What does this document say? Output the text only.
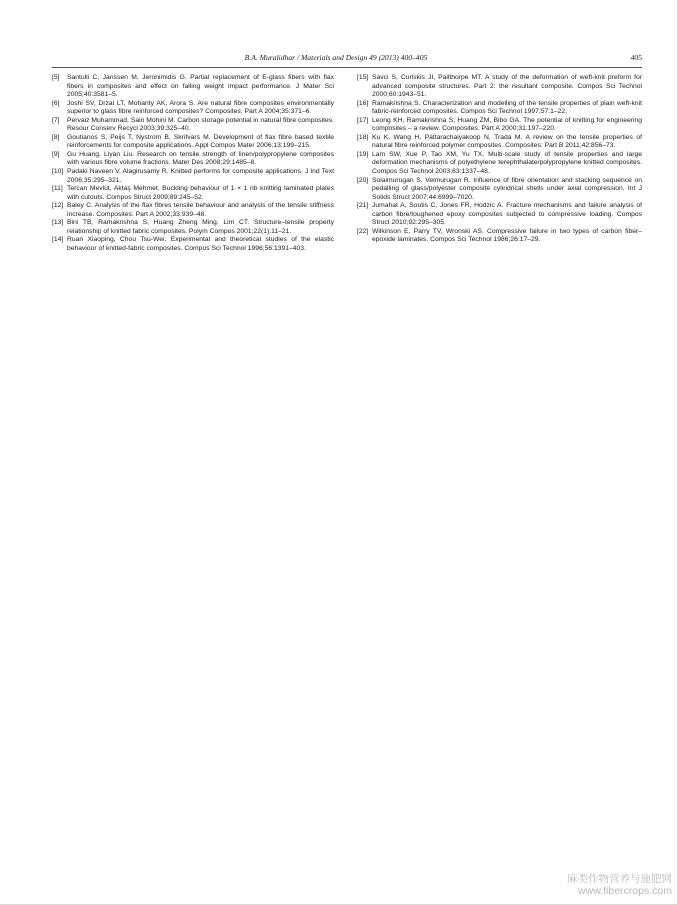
B.A. Muralidhar / Materials and Design 49 (2013) 400–405	405
[5] Santulli C, Janssen M, Jeronimidis G. Partial replacement of E-glass fibers with flax fibers in composites and effect on falling weight impact performance. J Mater Sci 2005;40:3581–5.
[6] Joshi SV, Drzal LT, Mohanty AK, Arora S. Are natural fibre composites environmentally superior to glass fibre reinforced composites? Composites: Part A 2004;35:371–6.
[7] Pervaiz Muhammad, Sain Mohini M. Carbon storage potential in natural fibre composites. Resour Conserv Recycl 2003;39:325–40.
[8] Goutianos S, Peijs T, Nystrom B, Skrifvars M. Development of flax fibre based textile reinforcements for composite applications. Appl Compos Mater 2006;13:199–215.
[9] Gu Huang, Liyan Liu. Research on tensile strength of linen/polypropylene composites with various fibre volume fractions. Mater Des 2008;29:1485–8.
[10] Padaki Naveen V, Alagirusamy R. Knitted performs for composite applications. J Ind Text 2006;35:295–321.
[11] Tercan Mevlüt, Aktaş Mehmet. Buckling behaviour of 1 × 1 rib knitting laminated plates with cutouts. Compos Struct 2009;89:245–52.
[12] Baley C. Analysis of the flax fibres tensile behaviour and analysis of the tensile stiffness increase. Composites: Part A 2002;33:939–48.
[13] Bini TB, Ramakrishna S, Huang Zheng Ming, Lim CT. Structure–tensile property relationship of knitted fabric composites. Polym Compos 2001;22(1):11–21.
[14] Ruan Xiaoping, Chou Tsu-Wei. Experimental and theoretical studies of the elastic behaviour of knitted-fabric composites. Compos Sci Technol 1996;56:1391–403.
[15] Savci S, Curiskis JI, Pailthorpe MT. A study of the deformation of weft-knit preform for advanced composite structures. Part 2: the resultant composite. Compos Sci Technol 2000;60:1943–51.
[16] Ramakrishna S. Characterization and modelling of the tensile properties of plain weft-knit fabric-reinforced composites. Compos Sci Technol 1997;57:1–22.
[17] Leong KH, Ramakrishna S, Huang ZM, Bibo GA. The potential of knitting for engineering composites – a review. Composites: Part A 2000;31:197–220.
[18] Ku K, Wang H, Pattarachaiyakoop N, Trada M. A review on the tensile properties of natural fibre reinforced polymer composites. Composites: Part B 2011;42:856–73.
[19] Lam SW, Xue P, Tao XM, Yu TX. Multi-scale study of tensile properties and large deformation mechanisms of polyethylene terephthalate/polypropylene knitted composites. Compos Sci Technol 2003;63:1337–48.
[20] Solaimurugan S, Velmurugan R. Influence of fibre orientation and stacking sequence on pedalling of glass/polyester composite cylindrical shells under axial compression. Int J Solids Struct 2007;44:6999–7020.
[21] Jumahat A, Soutis C, Jones FR, Hodzic A. Fracture mechanisms and failure analysis of carbon fibre/toughened epoxy composites subjected to compressive loading. Compos Struct 2010;92:295–305.
[22] Wilkinson E, Parry TV, Wronski AS. Compressive failure in two types of carbon fiber–epoxide laminates. Compos Sci Technol 1986;26:17–29.
麻类作物营养与施肥网
www.fibercrops.com
